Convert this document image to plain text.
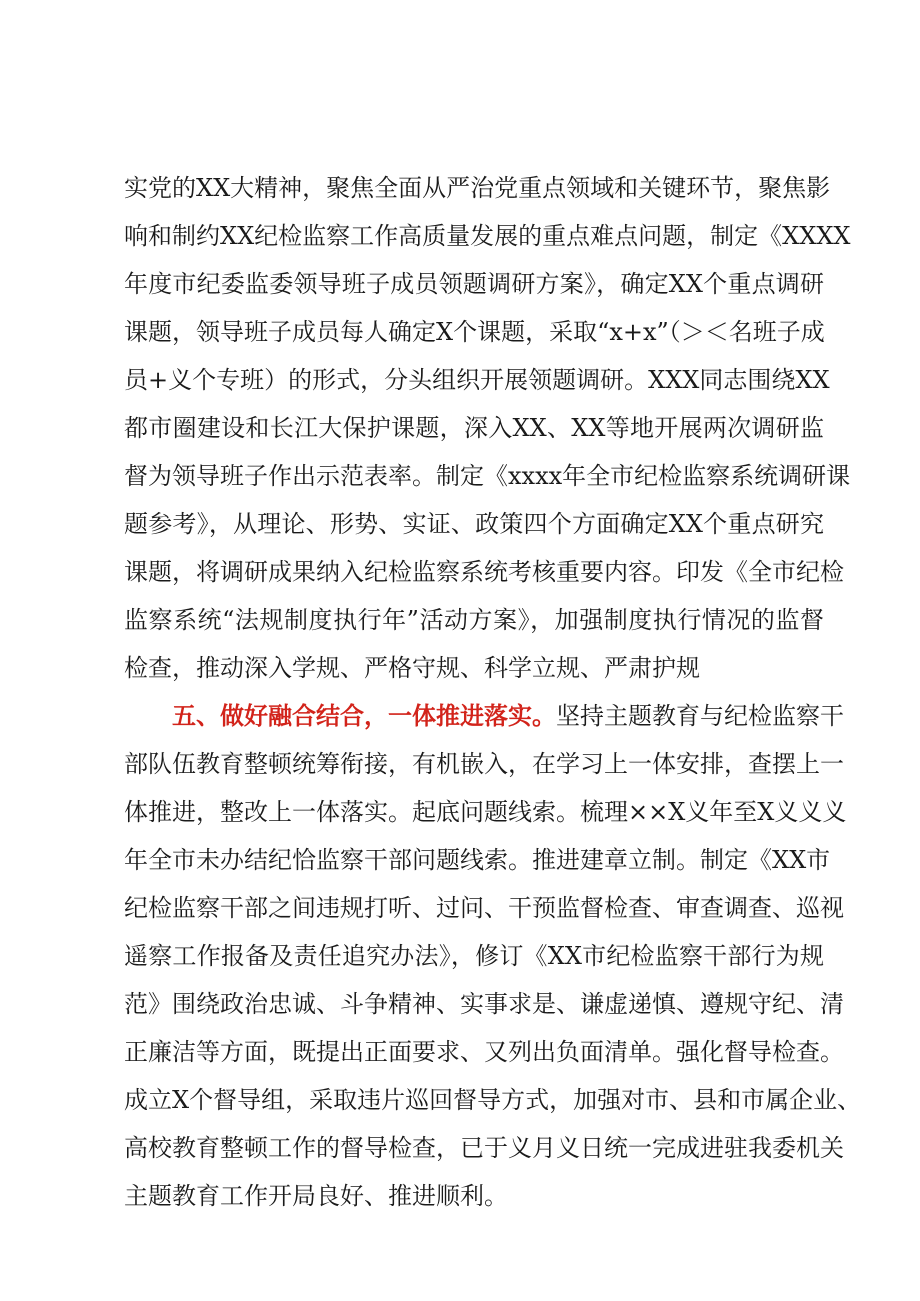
实党的XX大精神，聚焦全面从严治党重点领域和关键环节，聚焦影
响和制约XX纪检监察工作高质量发展的重点难点问题，制定《XXXX
年度市纪委监委领导班子成员领题调研方案》，确定XX个重点调研
课题，领导班子成员每人确定X个课题，采取“x+x”（＞＜名班子成
员+义个专班）的形式，分头组织开展领题调研。XXX同志围绕XX
都市圈建设和长江大保护课题，深入XX、XX等地开展两次调研监
督为领导班子作出示范表率。制定《xxxx年全市纪检监察系统调研课
题参考》，从理论、形势、实证、政策四个方面确定XX个重点研究
课题，将调研成果纳入纪检监察系统考核重要内容。印发《全市纪检
监察系统“法规制度执行年”活动方案》，加强制度执行情况的监督
检查，推动深入学规、严格守规、科学立规、严肃护规
五、做好融合结合，一体推进落实。坚持主题教育与纪检监察干
部队伍教育整顿统筹衔接，有机嵌入，在学习上一体安排，查摆上一
体推进，整改上一体落实。起底问题线索。梳理××X义年至X义义义
年全市未办结纪恰监察干部问题线索。推进建章立制。制定《XX市
纪检监察干部之间违规打听、过问、干预监督检查、审查调查、巡视
遥察工作报备及责任追究办法》，修订《XX市纪检监察干部行为规
范》围绕政治忠诚、斗争精神、实事求是、谦虚递慎、遵规守纪、清
正廉洁等方面，既提出正面要求、又列出负面清单。强化督导检查。
成立X个督导组，采取违片巡回督导方式，加强对市、县和市属企业、
高校教育整顿工作的督导检查，已于义月义日统一完成进驻我委机关
主题教育工作开局良好、推进顺利。
